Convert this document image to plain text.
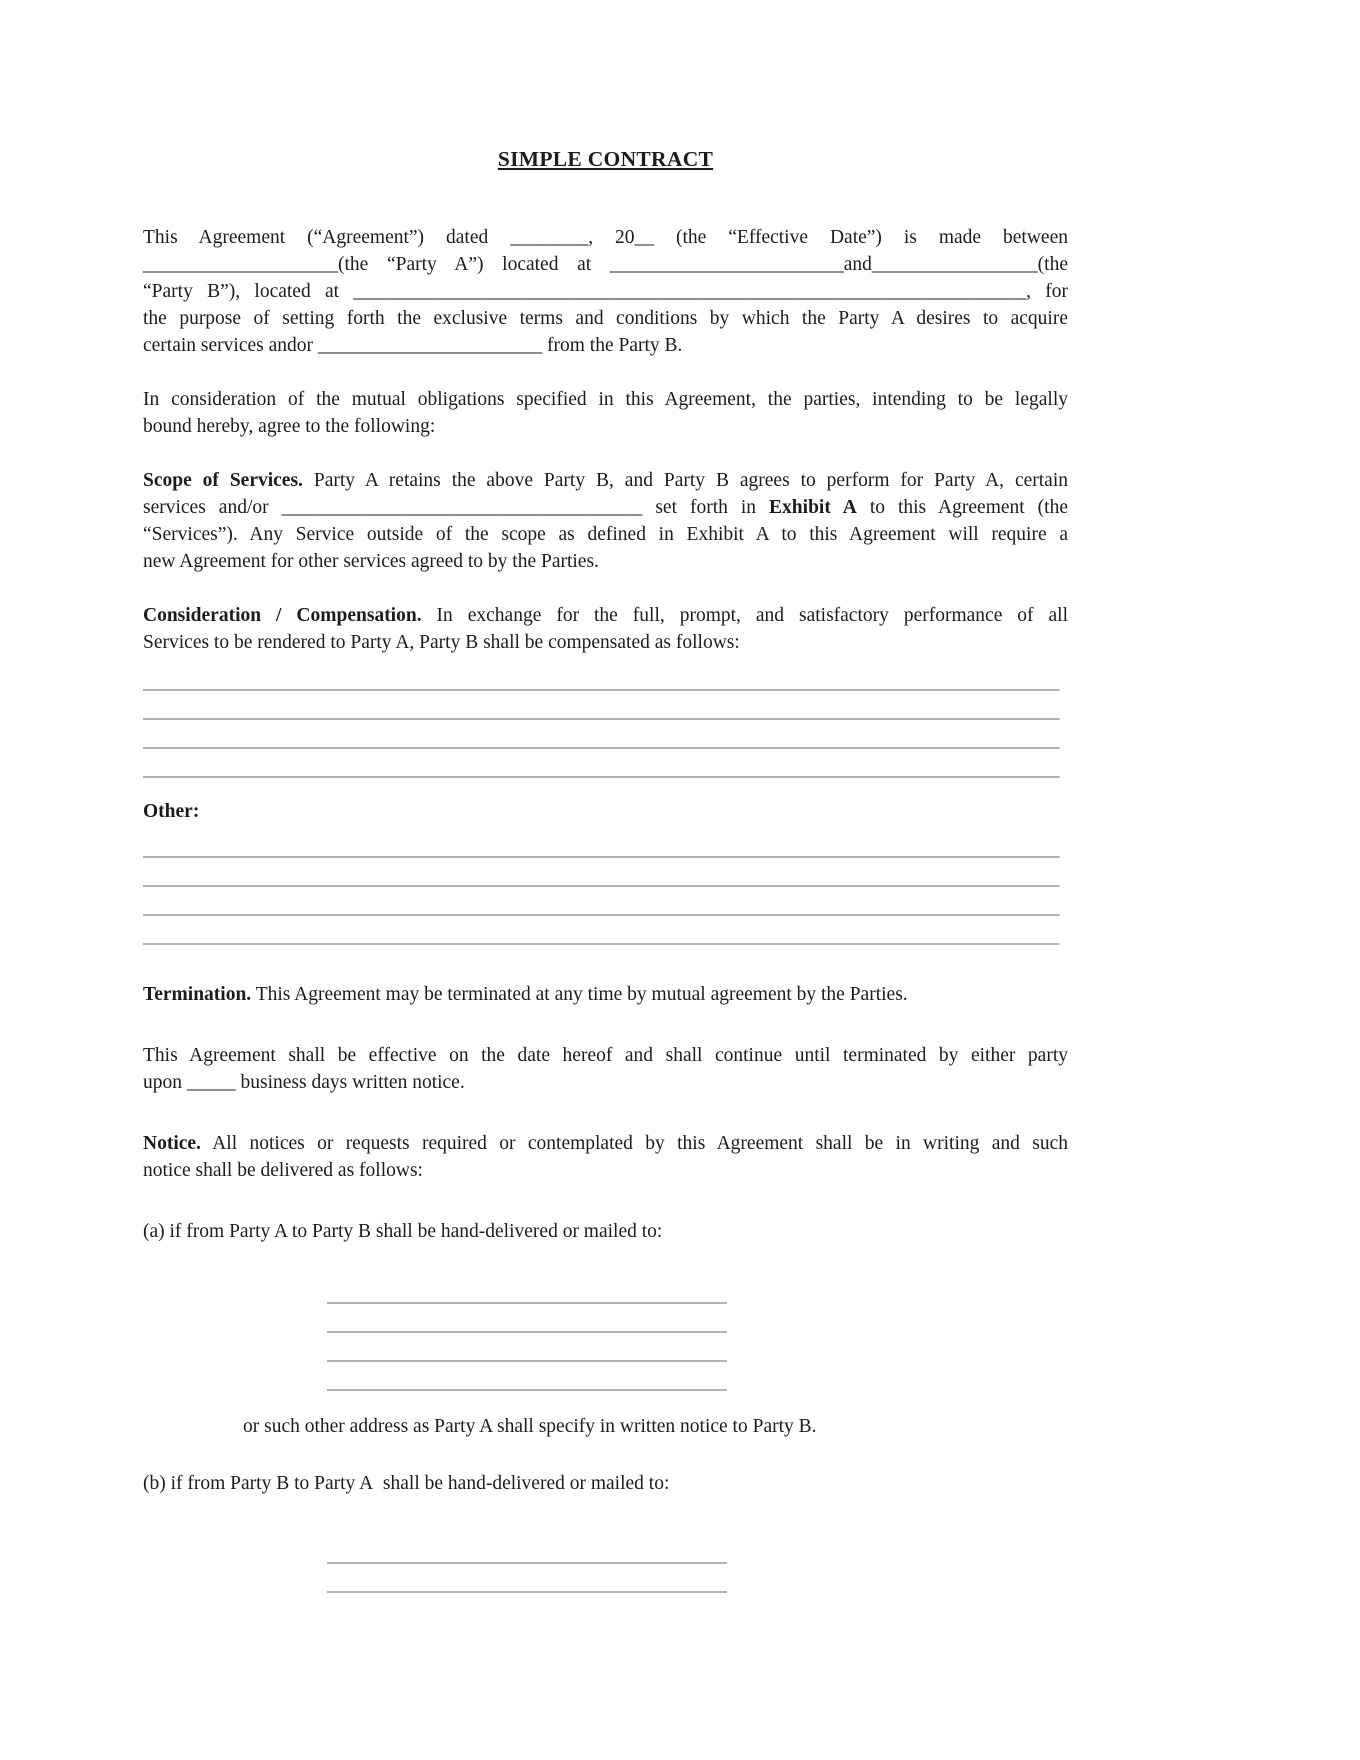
SIMPLE CONTRACT
This Agreement (“Agreement”) dated ________, 20__ (the “Effective Date”) is made between
____________________(the “Party A”) located at ________________________and_________________(the
“Party B”), located at _____________________________________________________________________, for
the purpose of setting forth the exclusive terms and conditions by which the Party A desires to acquire
certain services andor _______________________ from the Party B.
In consideration of the mutual obligations specified in this Agreement, the parties, intending to be legally
bound hereby, agree to the following:
Scope of Services. Party A retains the above Party B, and Party B agrees to perform for Party A, certain
services and/or _____________________________________ set forth in Exhibit A to this Agreement (the
“Services”). Any Service outside of the scope as defined in Exhibit A to this Agreement will require a
new Agreement for other services agreed to by the Parties.
Consideration / Compensation. In exchange for the full, prompt, and satisfactory performance of all
Services to be rendered to Party A, Party B shall be compensated as follows:
______________________________________________________________________________________________
______________________________________________________________________________________________
______________________________________________________________________________________________
______________________________________________________________________________________________
Other:
______________________________________________________________________________________________
______________________________________________________________________________________________
______________________________________________________________________________________________
______________________________________________________________________________________________
Termination. This Agreement may be terminated at any time by mutual agreement by the Parties.
This Agreement shall be effective on the date hereof and shall continue until terminated by either party
upon _____ business days written notice.
Notice. All notices or requests required or contemplated by this Agreement shall be in writing and such
notice shall be delivered as follows:
(a) if from Party A to Party B shall be hand-delivered or mailed to:
_________________________________________
_________________________________________
_________________________________________
_________________________________________
or such other address as Party A shall specify in written notice to Party B.
(b) if from Party B to Party A  shall be hand-delivered or mailed to:
_________________________________________
_________________________________________
